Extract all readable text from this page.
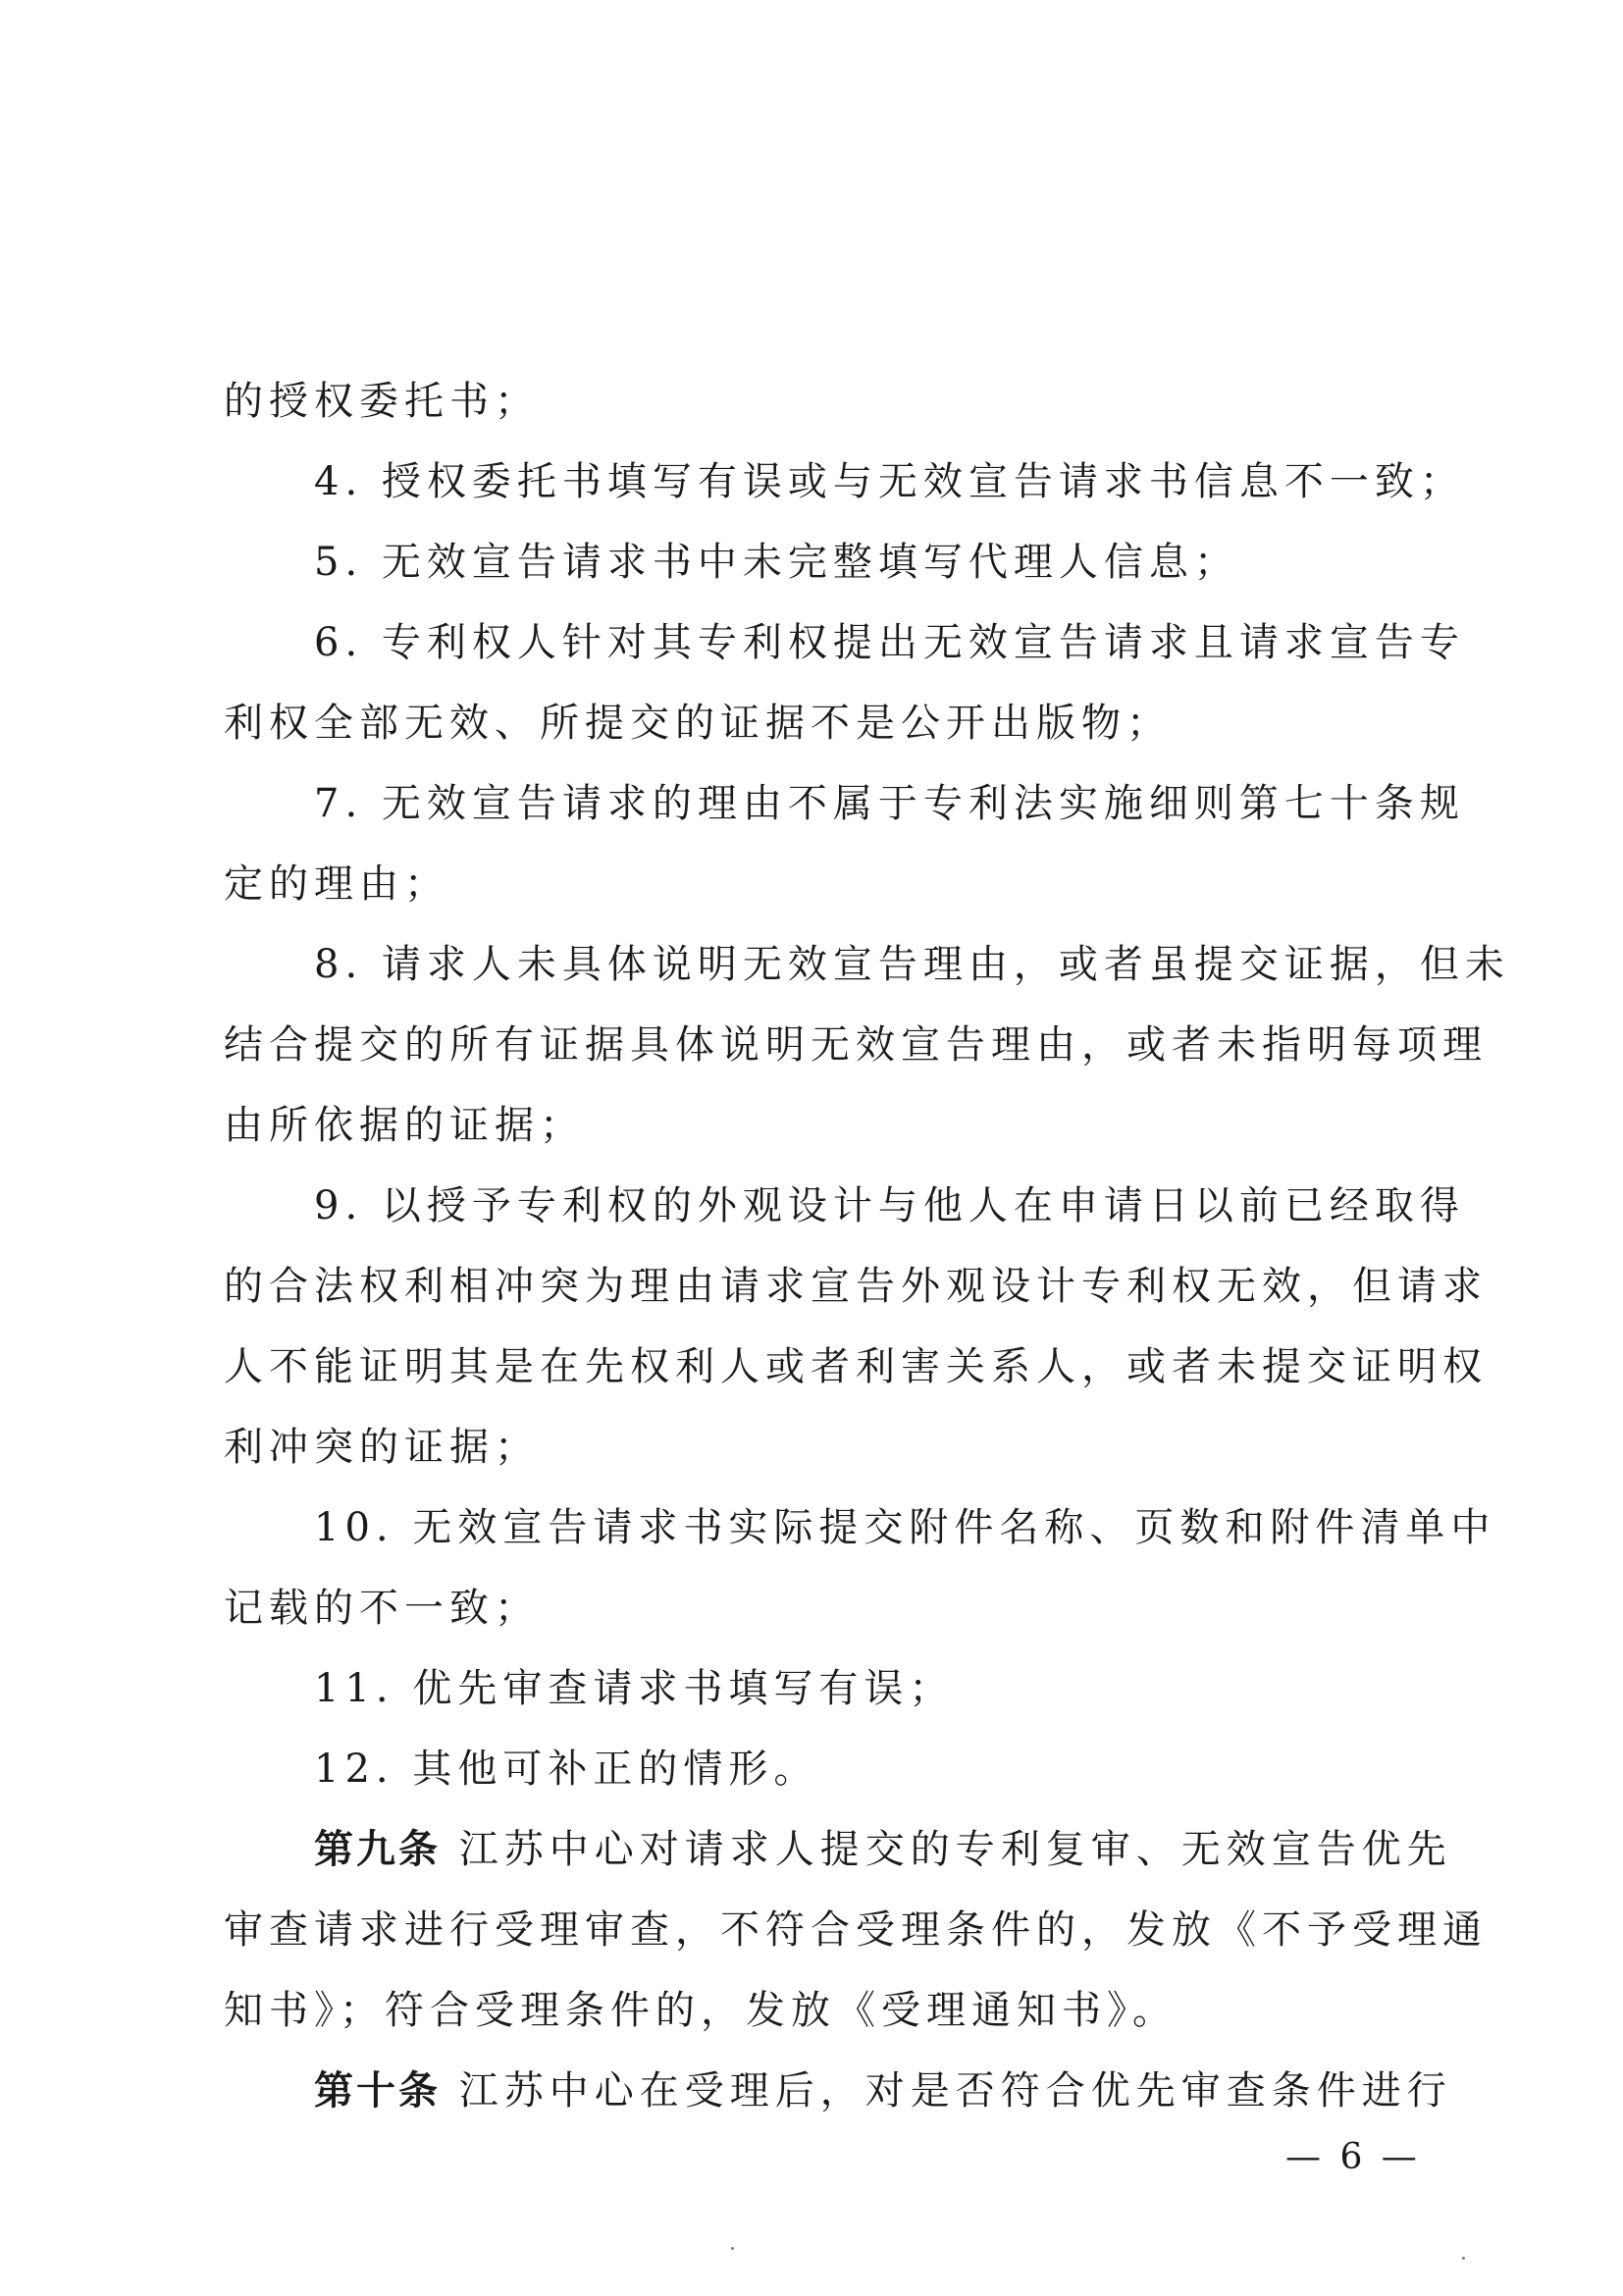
的授权委托书；
4. 授权委托书填写有误或与无效宣告请求书信息不一致；
5. 无效宣告请求书中未完整填写代理人信息；
6. 专利权人针对其专利权提出无效宣告请求且请求宣告专
利权全部无效、所提交的证据不是公开出版物；
7. 无效宣告请求的理由不属于专利法实施细则第七十条规
定的理由；
8. 请求人未具体说明无效宣告理由，或者虽提交证据，但未
结合提交的所有证据具体说明无效宣告理由，或者未指明每项理
由所依据的证据；
9. 以授予专利权的外观设计与他人在申请日以前已经取得
的合法权利相冲突为理由请求宣告外观设计专利权无效，但请求
人不能证明其是在先权利人或者利害关系人，或者未提交证明权
利冲突的证据；
10. 无效宣告请求书实际提交附件名称、页数和附件清单中
记载的不一致；
11. 优先审查请求书填写有误；
12. 其他可补正的情形。
第九条 江苏中心对请求人提交的专利复审、无效宣告优先
审查请求进行受理审查，不符合受理条件的，发放《不予受理通
知书》；符合受理条件的，发放《受理通知书》。
第十条 江苏中心在受理后，对是否符合优先审查条件进行
— 6 —
